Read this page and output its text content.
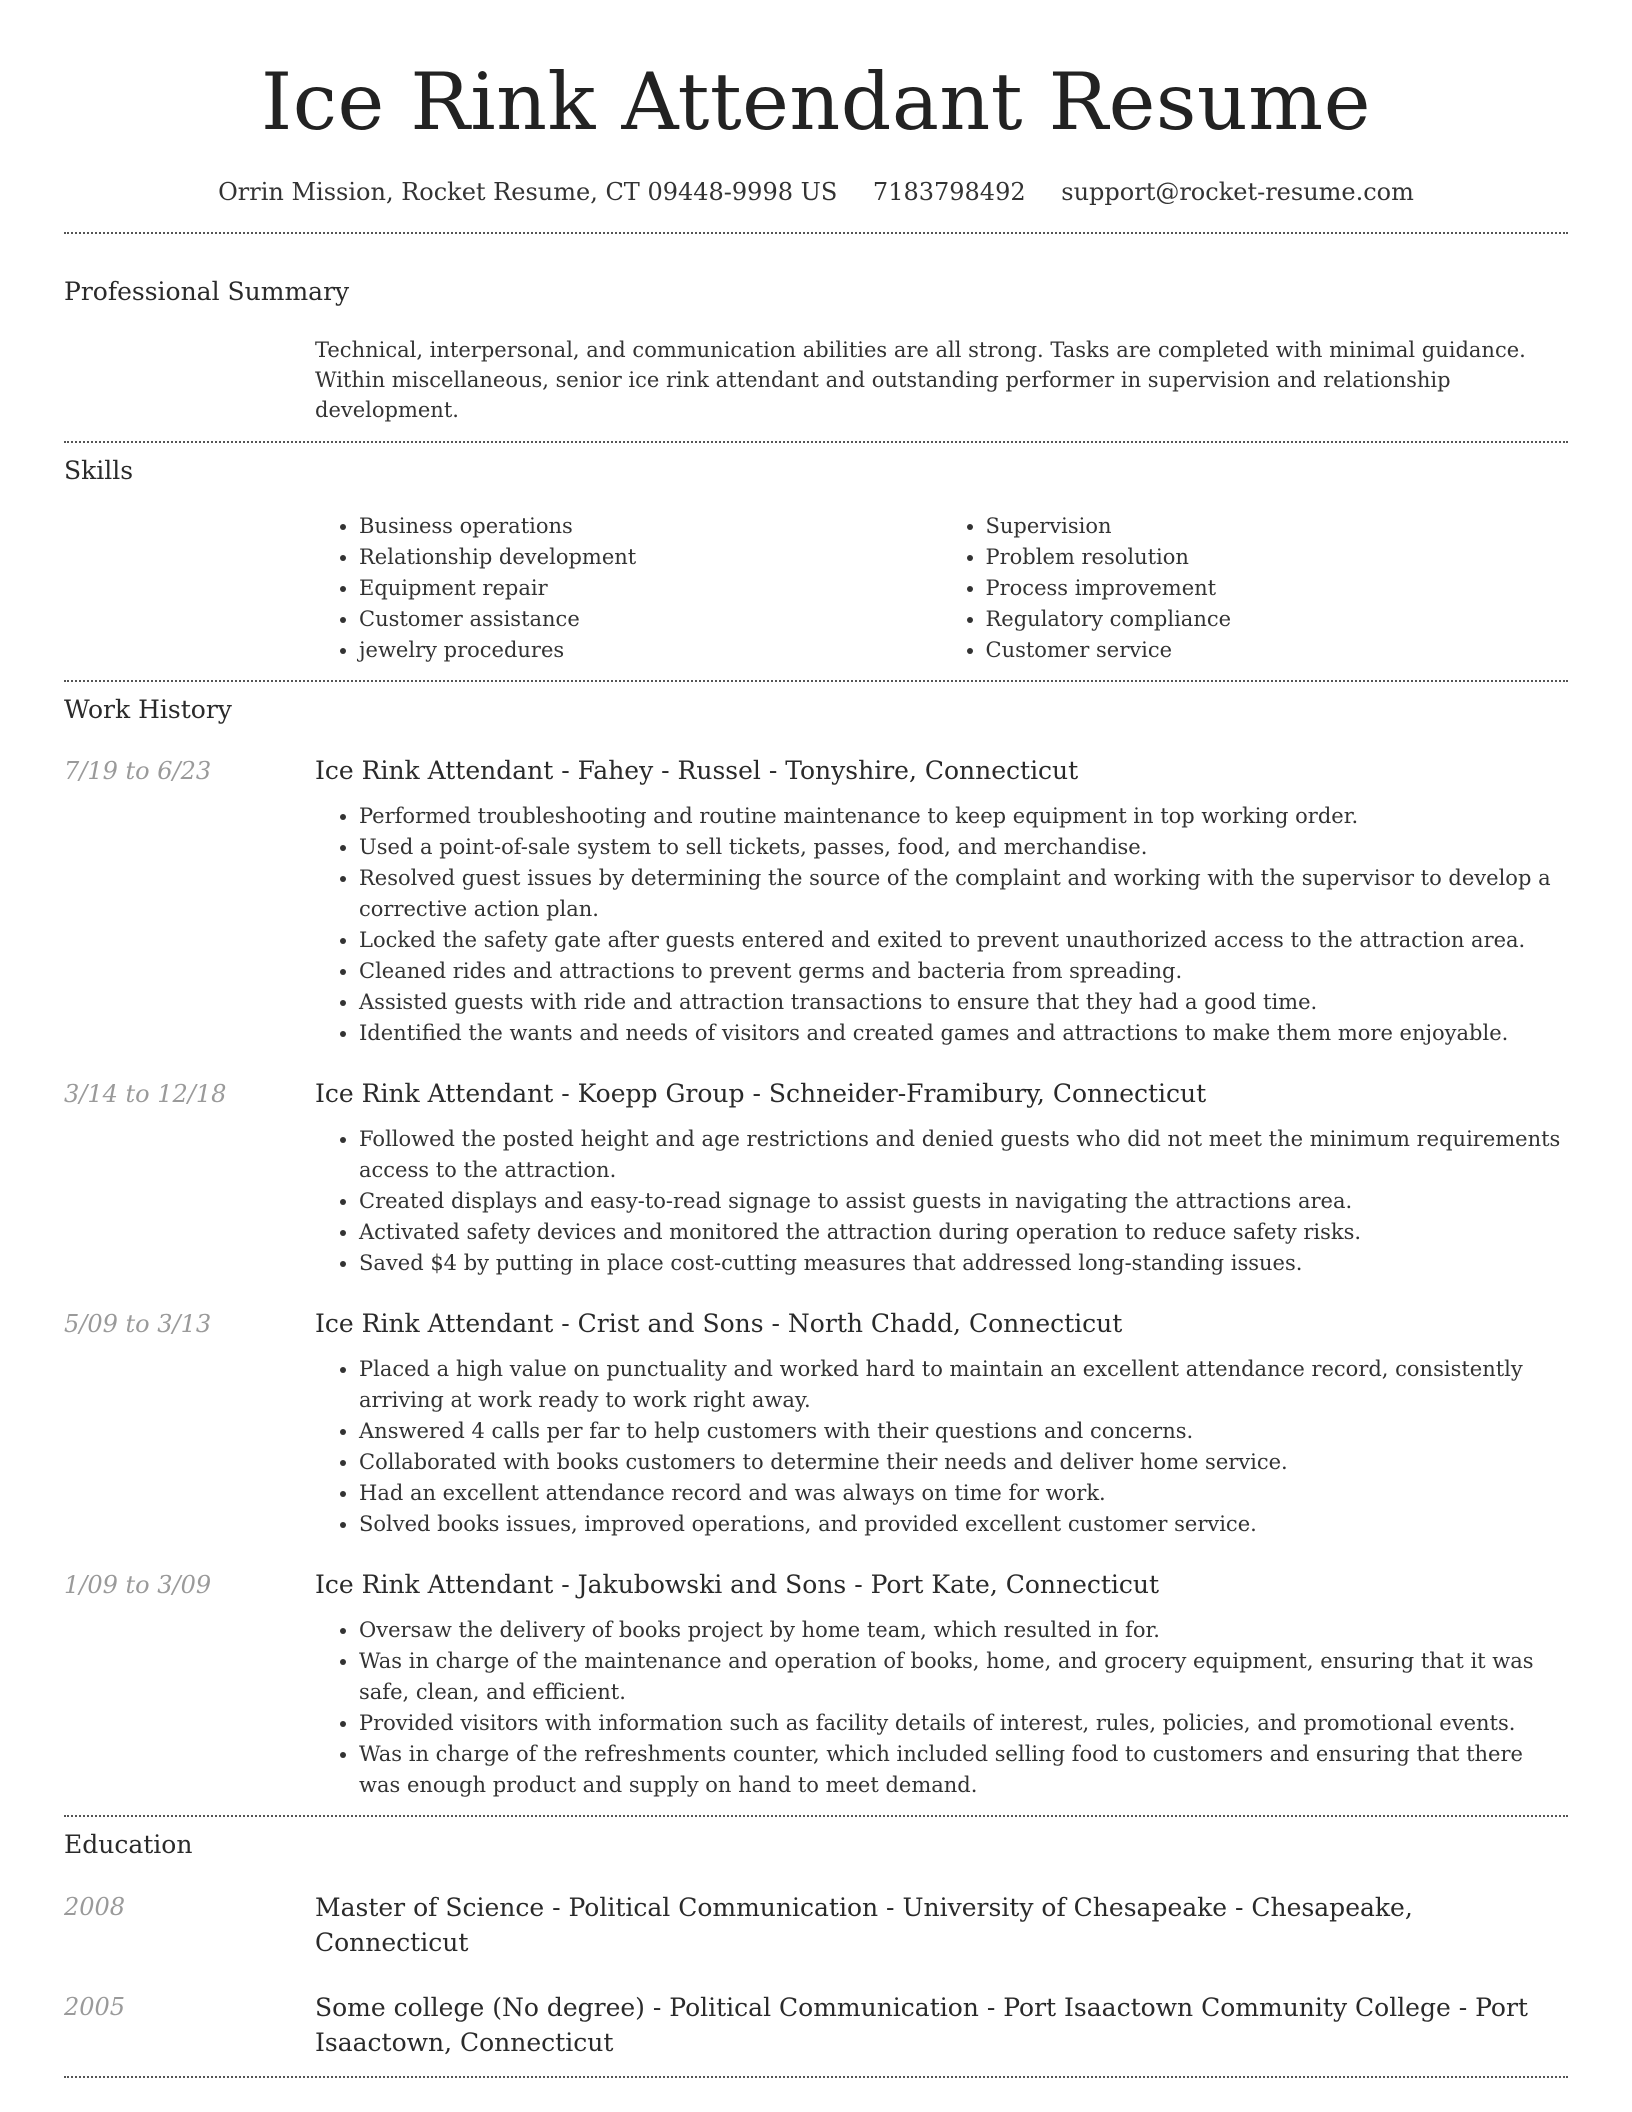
Ice Rink Attendant Resume
Orrin Mission, Rocket Resume, CT 09448-9998 US 7183798492 support@rocket-resume.com
Professional Summary
Technical, interpersonal, and communication abilities are all strong. Tasks are completed with minimal guidance. Within miscellaneous, senior ice rink attendant and outstanding performer in supervision and relationship development.
Skills
• Business operations
• Relationship development
• Equipment repair
• Customer assistance
• jewelry procedures
• Supervision
• Problem resolution
• Process improvement
• Regulatory compliance
• Customer service
Work History
7/19 to 6/23	Ice Rink Attendant - Fahey - Russel - Tonyshire, Connecticut
• Performed troubleshooting and routine maintenance to keep equipment in top working order.
• Used a point-of-sale system to sell tickets, passes, food, and merchandise.
• Resolved guest issues by determining the source of the complaint and working with the supervisor to develop a corrective action plan.
• Locked the safety gate after guests entered and exited to prevent unauthorized access to the attraction area.
• Cleaned rides and attractions to prevent germs and bacteria from spreading.
• Assisted guests with ride and attraction transactions to ensure that they had a good time.
• Identified the wants and needs of visitors and created games and attractions to make them more enjoyable.
3/14 to 12/18	Ice Rink Attendant - Koepp Group - Schneider-Framibury, Connecticut
• Followed the posted height and age restrictions and denied guests who did not meet the minimum requirements access to the attraction.
• Created displays and easy-to-read signage to assist guests in navigating the attractions area.
• Activated safety devices and monitored the attraction during operation to reduce safety risks.
• Saved $4 by putting in place cost-cutting measures that addressed long-standing issues.
5/09 to 3/13	Ice Rink Attendant - Crist and Sons - North Chadd, Connecticut
• Placed a high value on punctuality and worked hard to maintain an excellent attendance record, consistently arriving at work ready to work right away.
• Answered 4 calls per far to help customers with their questions and concerns.
• Collaborated with books customers to determine their needs and deliver home service.
• Had an excellent attendance record and was always on time for work.
• Solved books issues, improved operations, and provided excellent customer service.
1/09 to 3/09	Ice Rink Attendant - Jakubowski and Sons - Port Kate, Connecticut
• Oversaw the delivery of books project by home team, which resulted in for.
• Was in charge of the maintenance and operation of books, home, and grocery equipment, ensuring that it was safe, clean, and efficient.
• Provided visitors with information such as facility details of interest, rules, policies, and promotional events.
• Was in charge of the refreshments counter, which included selling food to customers and ensuring that there was enough product and supply on hand to meet demand.
Education
2008	Master of Science - Political Communication - University of Chesapeake - Chesapeake, Connecticut
2005	Some college (No degree) - Political Communication - Port Isaactown Community College - Port Isaactown, Connecticut
